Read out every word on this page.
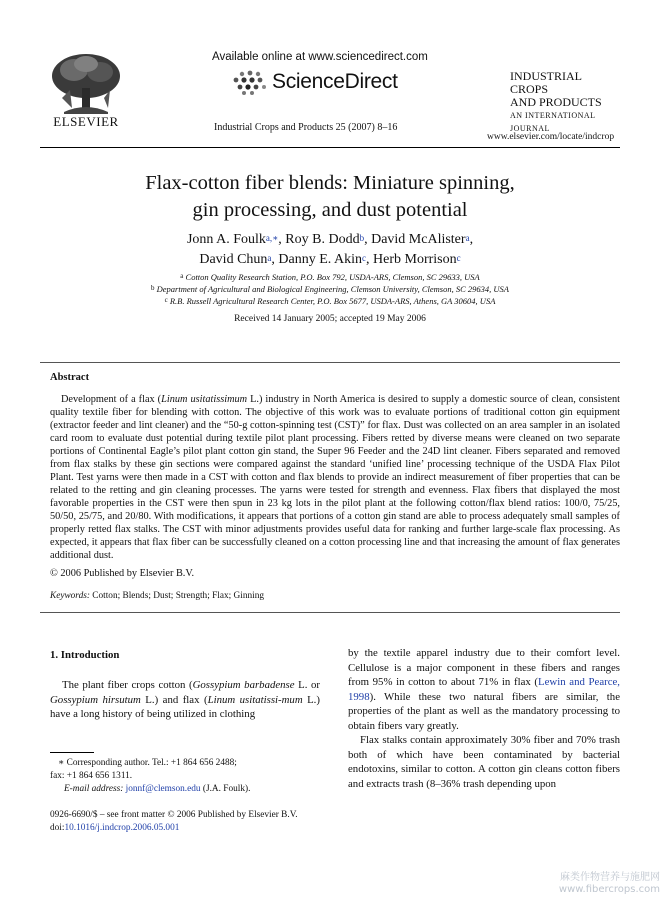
ELSEVIER
Available online at www.sciencedirect.com
ScienceDirect
Industrial Crops and Products 25 (2007) 8–16
INDUSTRIAL CROPS
AND PRODUCTS
AN INTERNATIONAL JOURNAL
www.elsevier.com/locate/indcrop
Flax-cotton fiber blends: Miniature spinning,
gin processing, and dust potential
Jonn A. Foulk$^{a,∗}$, Roy B. Dodd$^b$, David McAlister$^a$,
David Chun$^a$, Danny E. Akin$^c$, Herb Morrison$^c$
$^a$ Cotton Quality Research Station, P.O. Box 792, USDA-ARS, Clemson, SC 29633, USA
$^b$ Department of Agricultural and Biological Engineering, Clemson University, Clemson, SC 29634, USA
$^c$ R.B. Russell Agricultural Research Center, P.O. Box 5677, USDA-ARS, Athens, GA 30604, USA
Received 14 January 2005; accepted 19 May 2006
Abstract

Development of a flax (Linum usitatissimum L.) industry in North America is desired to supply a domestic source of clean, consistent quality textile fiber for blending with cotton. The objective of this work was to evaluate portions of traditional cotton gin equipment (extractor feeder and lint cleaner) and the “50-g cotton-spinning test (CST)” for flax. Dust was collected on an area sampler in an isolated card room to evaluate dust potential during textile pilot plant processing. Fibers retted by diverse means were cleaned on two separate portions of Continental Eagle’s pilot plant cotton gin stand, the Super 96 Feeder and the 24D lint cleaner. Fibers separated and removed from flax stalks by these gin sections were compared against the standard ‘unified line’ processing technique of the USDA Flax Pilot Plant. Test yarns were then made in a CST with cotton and flax blends to provide an indirect measurement of fiber properties that can be related to the retting and gin cleaning processes. The yarns were tested for strength and evenness. Flax fibers that displayed the most favorable properties in the CST were then spun in 23 kg lots in the pilot plant at the following cotton/flax blend ratios: 100/0, 75/25, 50/50, 25/75, and 20/80. With modifications, it appears that portions of a cotton gin stand are able to process adequately small samples of properly retted flax stalks. The CST with minor adjustments provides useful data for ranking and further large-scale flax processing. As expected, it appears that flax fiber can be successfully cleaned on a cotton processing line and that increasing the amount of flax generates additional dust.

© 2006 Published by Elsevier B.V.
Keywords: Cotton; Blends; Dust; Strength; Flax; Ginning
1. Introduction

The plant fiber crops cotton (Gossypium barbadense L. or Gossypium hirsutum L.) and flax (Linum usitatissi-mum L.) have a long history of being utilized in clothing

by the textile apparel industry due to their comfort level. Cellulose is a major component in these fibers and ranges from 95% in cotton to about 71% in flax (Lewin and Pearce, 1998). While these two natural fibers are similar, the properties of the plant as well as the mandatory processing to obtain fibers vary greatly.

Flax stalks contain approximately 30% fiber and 70% trash both of which have been contaminated by bacterial endotoxins, similar to cotton. A cotton gin cleans cotton fibers and extracts trash (8–36% trash depending upon

∗ Corresponding author. Tel.: +1 864 656 2488;
fax: +1 864 656 1311.
E-mail address: jonnf@clemson.edu (J.A. Foulk).
0926-6690/$ – see front matter © 2006 Published by Elsevier B.V.
doi:10.1016/j.indcrop.2006.05.001
麻类作物营养与施肥网
www.fibercrops.com
